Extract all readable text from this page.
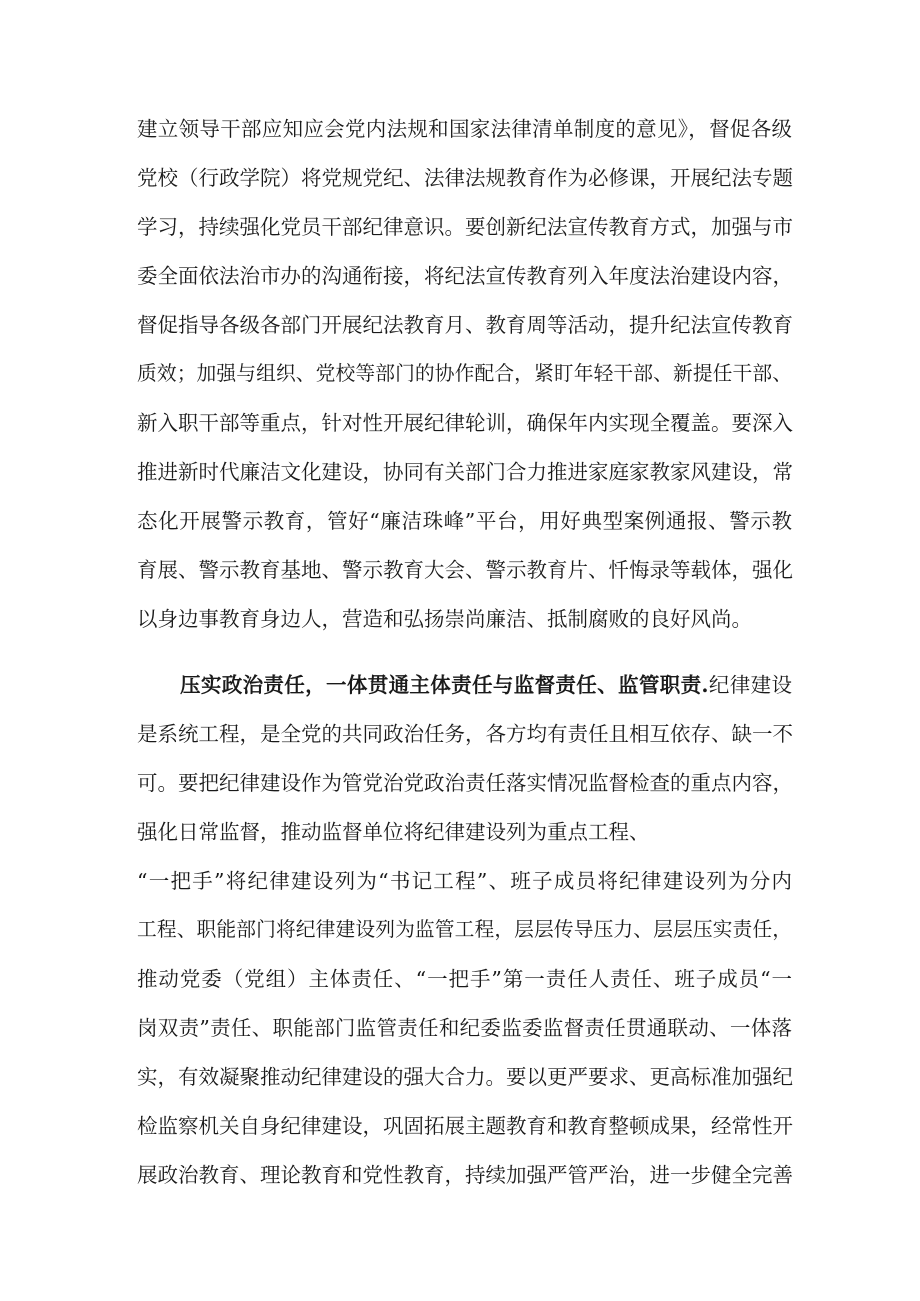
建立领导干部应知应会党内法规和国家法律清单制度的意见》，督促各级
党校（行政学院）将党规党纪、法律法规教育作为必修课，开展纪法专题
学习，持续强化党员干部纪律意识。要创新纪法宣传教育方式，加强与市
委全面依法治市办的沟通衔接，将纪法宣传教育列入年度法治建设内容，
督促指导各级各部门开展纪法教育月、教育周等活动，提升纪法宣传教育
质效；加强与组织、党校等部门的协作配合，紧盯年轻干部、新提任干部、
新入职干部等重点，针对性开展纪律轮训，确保年内实现全覆盖。要深入
推进新时代廉洁文化建设，协同有关部门合力推进家庭家教家风建设，常
态化开展警示教育，管好“廉洁珠峰”平台，用好典型案例通报、警示教
育展、警示教育基地、警示教育大会、警示教育片、忏悔录等载体，强化
以身边事教育身边人，营造和弘扬崇尚廉洁、抵制腐败的良好风尚。
压实政治责任，一体贯通主体责任与监督责任、监管职责.纪律建设
是系统工程，是全党的共同政治任务，各方均有责任且相互依存、缺一不
可。要把纪律建设作为管党治党政治责任落实情况监督检查的重点内容，
强化日常监督，推动监督单位将纪律建设列为重点工程、
“一把手”将纪律建设列为“书记工程”、班子成员将纪律建设列为分内
工程、职能部门将纪律建设列为监管工程，层层传导压力、层层压实责任，
推动党委（党组）主体责任、“一把手”第一责任人责任、班子成员“一
岗双责”责任、职能部门监管责任和纪委监委监督责任贯通联动、一体落
实，有效凝聚推动纪律建设的强大合力。要以更严要求、更高标准加强纪
检监察机关自身纪律建设，巩固拓展主题教育和教育整顿成果，经常性开
展政治教育、理论教育和党性教育，持续加强严管严治，进一步健全完善
